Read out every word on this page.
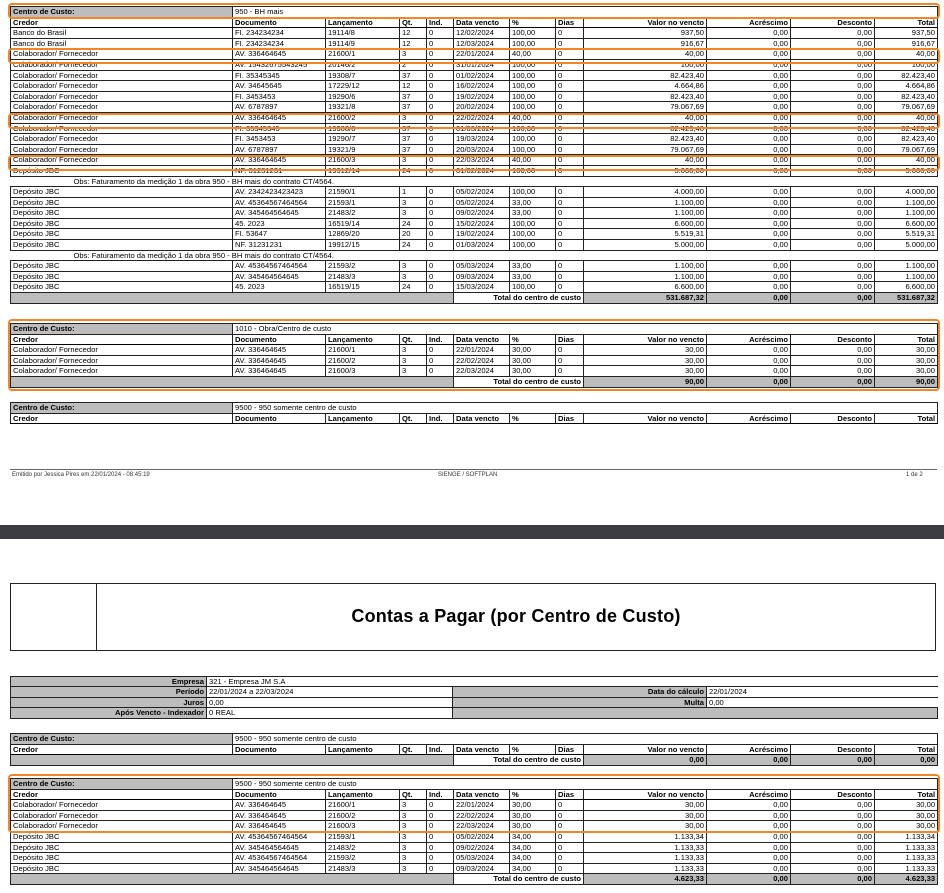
Centro de Custo:	950 - BH mais										
Credor	Documento	Lançamento	Qt.	Ind.	Data vencto	%	Dias	Valor no vencto	Acréscimo	Desconto	Total
Banco do Brasil	FI. 234234234	19114/8	12	0	12/02/2024	100,00	0	937,50	0,00	0,00	937,50
Banco do Brasil	FI. 234234234	19114/9	12	0	12/03/2024	100,00	0	916,67	0,00	0,00	916,67
Colaborador/ Fornecedor	AV. 336464645	21600/1	3	0	22/01/2024	40,00	0	40,00	0,00	0,00	40,00
Colaborador/ Fornecedor	AV. 15432675543245	20146/2	2	0	31/01/2024	100,00	0	100,00	0,00	0,00	100,00
Colaborador/ Fornecedor	FI. 35345345	19308/7	37	0	01/02/2024	100,00	0	82.423,40	0,00	0,00	82.423,40
Colaborador/ Fornecedor	AV. 34645645	17229/12	12	0	16/02/2024	100,00	0	4.664,86	0,00	0,00	4.664,86
Colaborador/ Fornecedor	FI. 3453453	19290/6	37	0	19/02/2024	100,00	0	82.423,40	0,00	0,00	82.423,40
Colaborador/ Fornecedor	AV. 6787897	19321/8	37	0	20/02/2024	100,00	0	79.067,69	0,00	0,00	79.067,69
Colaborador/ Fornecedor	AV. 336464645	21600/2	3	0	22/02/2024	40,00	0	40,00	0,00	0,00	40,00
Colaborador/ Fornecedor	FI. 35345345	19308/8	37	0	01/03/2024	100,00	0	82.423,40	0,00	0,00	82.423,40
Colaborador/ Fornecedor	FI. 3453453	19290/7	37	0	19/03/2024	100,00	0	82.423,40	0,00	0,00	82.423,40
Colaborador/ Fornecedor	AV. 6787897	19321/9	37	0	20/03/2024	100,00	0	79.067,69	0,00	0,00	79.067,69
Colaborador/ Fornecedor	AV. 336464645	21600/3	3	0	22/03/2024	40,00	0	40,00	0,00	0,00	40,00
Depósito JBC	NF. 31231231	19912/14	24	0	01/02/2024	100,00	0	5.000,00	0,00	0,00	5.000,00
Obs: Faturamento da medição 1 da obra 950 - BH mais do contrato CT/4564.											
Depósito JBC	AV. 2342423423423	21590/1	1	0	05/02/2024	100,00	0	4.000,00	0,00	0,00	4.000,00
Depósito JBC	AV. 45364567464564	21593/1	3	0	05/02/2024	33,00	0	1.100,00	0,00	0,00	1.100,00
Depósito JBC	AV. 345464564645	21483/2	3	0	09/02/2024	33,00	0	1.100,00	0,00	0,00	1.100,00
Depósito JBC	45. 2023	16519/14	24	0	15/02/2024	100,00	0	6.600,00	0,00	0,00	6.600,00
Depósito JBC	FI. 53647	12869/20	20	0	19/02/2024	100,00	0	5.519,31	0,00	0,00	5.519,31
Depósito JBC	NF. 31231231	19912/15	24	0	01/03/2024	100,00	0	5.000,00	0,00	0,00	5.000,00
Obs: Faturamento da medição 1 da obra 950 - BH mais do contrato CT/4564.											
Depósito JBC	AV. 45364567464564	21593/2	3	0	05/03/2024	33,00	0	1.100,00	0,00	0,00	1.100,00
Depósito JBC	AV. 345464564645	21483/3	3	0	09/03/2024	33,00	0	1.100,00	0,00	0,00	1.100,00
Depósito JBC	45. 2023	16519/15	24	0	15/03/2024	100,00	0	6.600,00	0,00	0,00	6.600,00
					Total do centro de custo			531.687,32	0,00	0,00	531.687,32
Centro de Custo:	1010 - Obra/Centro de custo										
Credor	Documento	Lançamento	Qt.	Ind.	Data vencto	%	Dias	Valor no vencto	Acréscimo	Desconto	Total
Colaborador/ Fornecedor	AV. 336464645	21600/1	3	0	22/01/2024	30,00	0	30,00	0,00	0,00	30,00
Colaborador/ Fornecedor	AV. 336464645	21600/2	3	0	22/02/2024	30,00	0	30,00	0,00	0,00	30,00
Colaborador/ Fornecedor	AV. 336464645	21600/3	3	0	22/03/2024	30,00	0	30,00	0,00	0,00	30,00
					Total do centro de custo			90,00	0,00	0,00	90,00
Centro de Custo:	9500 - 950 somente centro de custo										
Credor	Documento	Lançamento	Qt.	Ind.	Data vencto	%	Dias	Valor no vencto	Acréscimo	Desconto	Total
Emitido por Jessica Pires em 22/01/2024 - 08:45:19	SIENGE / SOFTPLAN	1 de 2
Contas a Pagar (por Centro de Custo)
Empresa	321 - Empresa JM S.A		
Período	22/01/2024 a 22/03/2024	Data do cálculo	22/01/2024
Juros	0,00	Multa	0,00
Após Vencto - Indexador	0 REAL		
Centro de Custo:	9500 - 950 somente centro de custo										
Credor	Documento	Lançamento	Qt.	Ind.	Data vencto	%	Dias	Valor no vencto	Acréscimo	Desconto	Total
					Total do centro de custo			0,00	0,00	0,00	0,00
Centro de Custo:	9500 - 950 somente centro de custo										
Credor	Documento	Lançamento	Qt.	Ind.	Data vencto	%	Dias	Valor no vencto	Acréscimo	Desconto	Total
Colaborador/ Fornecedor	AV. 336464645	21600/1	3	0	22/01/2024	30,00	0	30,00	0,00	0,00	30,00
Colaborador/ Fornecedor	AV. 336464645	21600/2	3	0	22/02/2024	30,00	0	30,00	0,00	0,00	30,00
Colaborador/ Fornecedor	AV. 336464645	21600/3	3	0	22/03/2024	30,00	0	30,00	0,00	0,00	30,00
Depósito JBC	AV. 45364567464564	21593/1	3	0	05/02/2024	34,00	0	1.133,34	0,00	0,00	1.133,34
Depósito JBC	AV. 345464564645	21483/2	3	0	09/02/2024	34,00	0	1.133,33	0,00	0,00	1.133,33
Depósito JBC	AV. 45364567464564	21593/2	3	0	05/03/2024	34,00	0	1.133,33	0,00	0,00	1.133,33
Depósito JBC	AV. 345464564645	21483/3	3	0	09/03/2024	34,00	0	1.133,33	0,00	0,00	1.133,33
					Total do centro de custo			4.623,33	0,00	0,00	4.623,33
